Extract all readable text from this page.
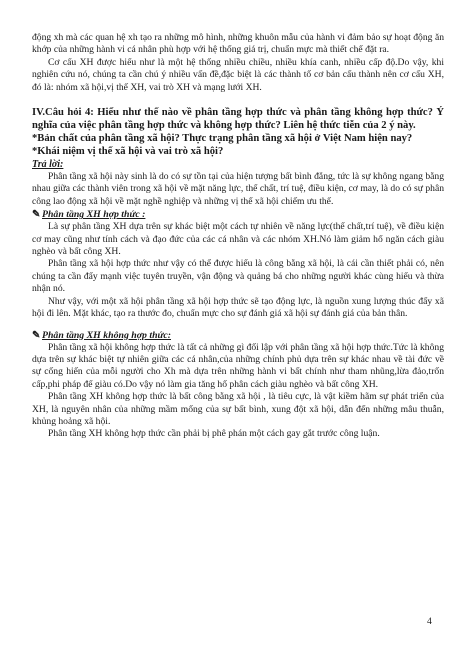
động xh mà các quan hệ xh tạo ra những mô hình, những khuôn mẫu của hành vi đảm bảo sự hoạt động ăn khớp của những hành vi cá nhân phù hợp với hệ thống giá trị, chuẩn mực mà thiết chế đặt ra.

Cơ cấu XH được hiểu như là một hệ thống nhiều chiều, nhiều khía canh, nhiều cấp độ.Do vậy, khi nghiên cứu nó, chúng ta cần chú ý nhiều vấn đề,đặc biệt là các thành tố cơ bản cấu thành nên cơ cấu XH, đó là: nhóm xã hội,vị thế XH, vai trò XH và mạng lưới XH.

IV.Câu hỏi 4: Hiểu như thế nào về phân tầng hợp thức và phân tầng không hợp thức? Ý nghĩa của việc phân tầng hợp thức và không hợp thức? Liên hệ thức tiễn của 2 ý này.

*Bản chất của phân tầng xã hội? Thực trạng phân tầng xã hội ở Việt Nam hiện nay?

*Khái niệm vị thế xã hội và vai trò xã hội?

Trả lời:

Phân tầng xã hội này sinh là do có sự tồn tại của hiện tượng bất bình đẳng, tức là sự không ngang bằng nhau giữa các thành viên trong xã hội về mặt năng lực, thể chất, trí tuệ, điều kiện, cơ may, là do có sự phân công lao động xã hội về mặt nghề nghiệp và những vị thế xã hội chiếm ưu thế.

✎ Phân tầng XH hợp thức :

Là sự phân tầng XH dựa trên sự khác biệt một cách tự nhiên về năng lực(thể chất,trí tuệ), về điều kiện cơ may cũng như tính cách và đạo đức của các cá nhân và các nhóm XH.Nó làm giảm hố ngăn cách giàu nghèo và bất công XH.

Phân tầng xã hội hợp thức như vậy có thể được hiểu là công bằng xã hội, là cái cần thiết phải có, nên chúng ta cần đẩy mạnh việc tuyên truyền, vận động và quảng bá cho những người khác cùng hiểu và thừa nhận nó.

Như vậy, với một xã hội phân tầng xã hội hợp thức sẽ tạo động lực, là nguồn xung lượng thúc đẩy xã hội đi lên. Mặt khác, tạo ra thước đo, chuẩn mực cho sự đánh giá xã hội sự đánh giá của bản thân.

✎ Phân tầng XH không hợp thức:

Phân tầng xã hội không hợp thức là tất cả những gì đối lập với phân tầng xã hội hợp thức.Tức là không dựa trên sự khác biệt tự nhiên giữa các cá nhân,của những chính phủ dựa trên sự khác nhau về tài đức về sự cống hiến của mỗi người cho Xh mà dựa trên những hành vi bất chính như tham nhũng,lừa đảo,trốn cấp,phi pháp để giàu có.Do vậy nó làm gia tăng hố phân cách giàu nghèo và bất công XH.

Phân tầng XH không hợp thức là bất công bằng xã hội , là tiêu cực, là vật kiềm hãm sự phát triển của XH, là nguyên nhân của những mầm mống của sự bất bình, xung đột xã hội, dẫn đến những mâu thuẫn, khủng hoảng xã hội.

Phân tầng XH không hợp thức cần phải bị phê phán một cách gay gắt trước công luận.

4
